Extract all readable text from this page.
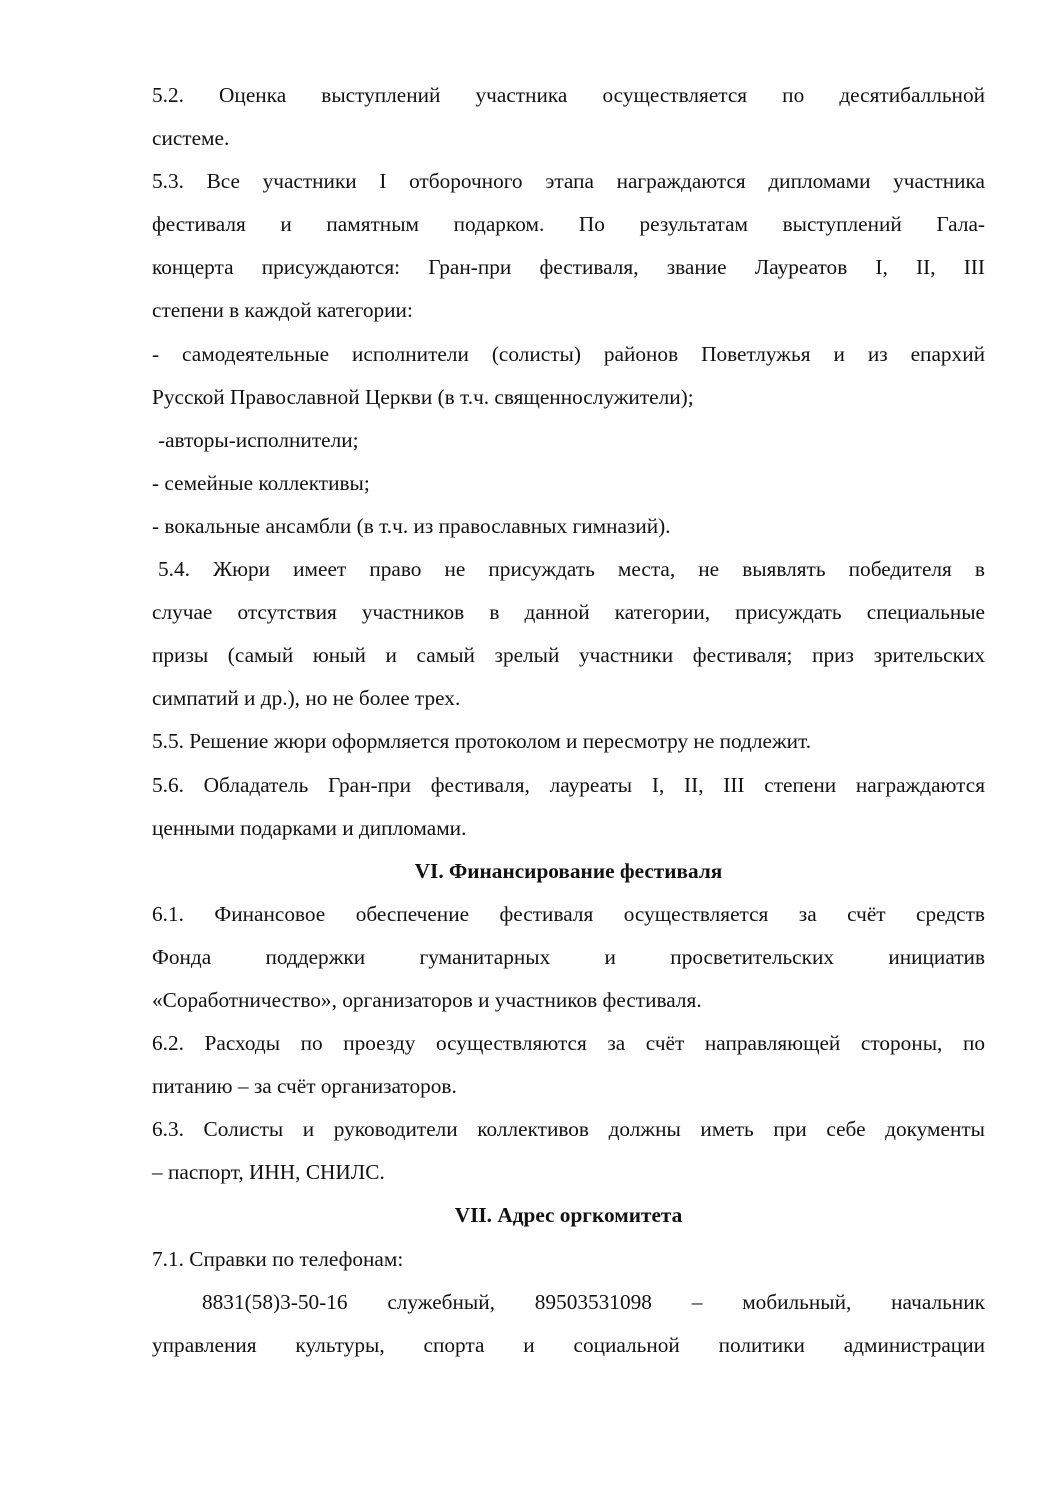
5.2. Оценка выступлений участника осуществляется по десятибалльной

системе.

5.3. Все участники I отборочного этапа награждаются дипломами участника

фестиваля и памятным подарком. По результатам выступлений Гала-

концерта присуждаются: Гран-при фестиваля, звание Лауреатов I, II, III

степени в каждой категории:

- самодеятельные исполнители (солисты) районов Поветлужья и из епархий

Русской Православной Церкви (в т.ч. священнослужители);

-авторы-исполнители;

- семейные коллективы;

- вокальные ансамбли (в т.ч. из православных гимназий).

5.4. Жюри имеет право не присуждать места, не выявлять победителя в

случае отсутствия участников в данной категории, присуждать специальные

призы (самый юный и самый зрелый участники фестиваля; приз зрительских

симпатий и др.), но не более трех.

5.5. Решение жюри оформляется протоколом и пересмотру не подлежит.

5.6. Обладатель Гран-при фестиваля, лауреаты I, II, III степени награждаются

ценными подарками и дипломами.

VI. Финансирование фестиваля

6.1. Финансовое обеспечение фестиваля осуществляется за счёт средств

Фонда поддержки гуманитарных и просветительских инициатив

«Соработничество», организаторов и участников фестиваля.

6.2. Расходы по проезду осуществляются за счёт направляющей стороны, по

питанию – за счёт организаторов.

6.3. Солисты и руководители коллективов должны иметь при себе документы

– паспорт, ИНН, СНИЛС.

VII. Адрес оргкомитета

7.1. Справки по телефонам:

8831(58)3-50-16 служебный, 89503531098 – мобильный, начальник

управления культуры, спорта и социальной политики администрации
